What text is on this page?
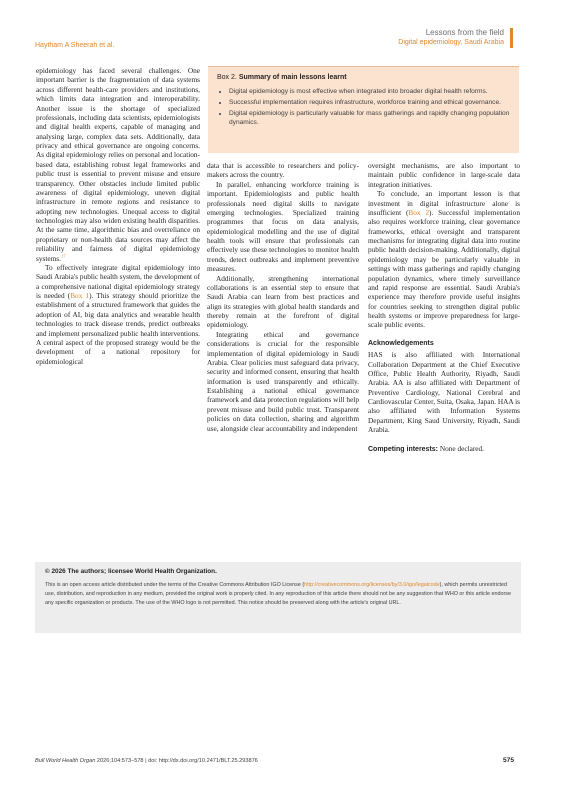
Haytham A Sheerah et al.
Lessons from the field
Digital epidemiology, Saudi Arabia

epidemiology has faced several challenges. One important barrier is the fragmentation of data systems across different health-care providers and institutions, which limits data integration and interoperability. Another issue is the shortage of specialized professionals, including data scientists, epidemiologists and digital health experts, capable of managing and analysing large, complex data sets. Additionally, data privacy and ethical governance are ongoing concerns. As digital epidemiology relies on personal and location-based data, establishing robust legal frameworks and public trust is essential to prevent misuse and ensure transparency. Other obstacles include limited public awareness of digital epidemiology, uneven digital infrastructure in remote regions and resistance to adopting new technologies. Unequal access to digital technologies may also widen existing health disparities. At the same time, algorithmic bias and overreliance on proprietary or non-health data sources may affect the reliability and fairness of digital epidemiology systems.$^{17}$

To effectively integrate digital epidemiology into Saudi Arabia's public health system, the development of a comprehensive national digital epidemiology strategy is needed (Box 1). This strategy should prioritize the establishment of a structured framework that guides the adoption of AI, big data analytics and wearable health technologies to track disease trends, predict outbreaks and implement personalized public health interventions. A central aspect of the proposed strategy would be the development of a national repository for epidemiological

Box 2. Summary of main lessons learnt
• Digital epidemiology is most effective when integrated into broader digital health reforms.
• Successful implementation requires infrastructure, workforce training and ethical governance.
• Digital epidemiology is particularly valuable for mass gatherings and rapidly changing population dynamics.

data that is accessible to researchers and policy-makers across the country.

In parallel, enhancing workforce training is important. Epidemiologists and public health professionals need digital skills to navigate emerging technologies. Specialized training programmes that focus on data analysis, epidemiological modelling and the use of digital health tools will ensure that professionals can effectively use these technologies to monitor health trends, detect outbreaks and implement preventive measures.

Additionally, strengthening international collaborations is an essential step to ensure that Saudi Arabia can learn from best practices and align its strategies with global health standards and thereby remain at the forefront of digital epidemiology.

Integrating ethical and governance considerations is crucial for the responsible implementation of digital epidemiology in Saudi Arabia. Clear policies must safeguard data privacy, security and informed consent, ensuring that health information is used transparently and ethically. Establishing a national ethical governance framework and data protection regulations will help prevent misuse and build public trust. Transparent policies on data collection, sharing and algorithm use, alongside clear accountability and independent

oversight mechanisms, are also important to maintain public confidence in large-scale data integration initiatives.

To conclude, an important lesson is that investment in digital infrastructure alone is insufficient (Box 2). Successful implementation also requires workforce training, clear governance frameworks, ethical oversight and transparent mechanisms for integrating digital data into routine public health decision-making. Additionally, digital epidemiology may be particularly valuable in settings with mass gatherings and rapidly changing population dynamics, where timely surveillance and rapid response are essential. Saudi Arabia's experience may therefore provide useful insights for countries seeking to strengthen digital public health systems or improve preparedness for large-scale public events.

Acknowledgements

HAS is also affiliated with International Collaboration Department at the Chief Executive Office, Public Health Authority, Riyadh, Saudi Arabia. AA is also affiliated with Department of Preventive Cardiology, National Cerebral and Cardiovascular Center, Suita, Osaka, Japan. HAA is also affiliated with Information Systems Department, King Saud University, Riyadh, Saudi Arabia.

Competing interests: None declared.

© 2026 The authors; licensee World Health Organization.
This is an open access article distributed under the terms of the Creative Commons Attribution IGO License (http://creativecommons.org/licenses/by/3.0/igo/legalcode), which permits unrestricted use, distribution, and reproduction in any medium, provided the original work is properly cited. In any reproduction of this article there should not be any suggestion that WHO or this article endorse any specific organization or products. The use of the WHO logo is not permitted. This notice should be preserved along with the article's original URL.
Bull World Health Organ 2026;104:573–578 | doi: http://dx.doi.org/10.2471/BLT.25.293876	575
